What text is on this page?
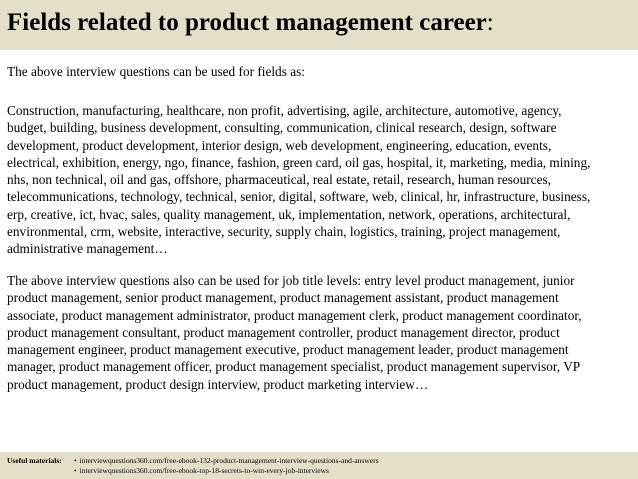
Fields related to product management career:

The above interview questions can be used for fields as:

Construction, manufacturing, healthcare, non profit, advertising, agile, architecture, automotive, agency,
budget, building, business development, consulting, communication, clinical research, design, software
development, product development, interior design, web development, engineering, education, events,
electrical, exhibition, energy, ngo, finance, fashion, green card, oil gas, hospital, it, marketing, media, mining,
nhs, non technical, oil and gas, offshore, pharmaceutical, real estate, retail, research, human resources,
telecommunications, technology, technical, senior, digital, software, web, clinical, hr, infrastructure, business,
erp, creative, ict, hvac, sales, quality management, uk, implementation, network, operations, architectural,
environmental, crm, website, interactive, security, supply chain, logistics, training, project management,
administrative management…

The above interview questions also can be used for job title levels: entry level product management, junior
product management, senior product management, product management assistant, product management
associate, product management administrator, product management clerk, product management coordinator,
product management consultant, product management controller, product management director, product
management engineer, product management executive, product management leader, product management
manager, product management officer, product management specialist, product management supervisor, VP
product management, product design interview, product marketing interview…

Useful materials: • interviewquestions360.com/free-ebook-132-product-management-interview-questions-and-answers
• interviewquestions360.com/free-ebook-top-18-secrets-to-win-every-job-interviews
